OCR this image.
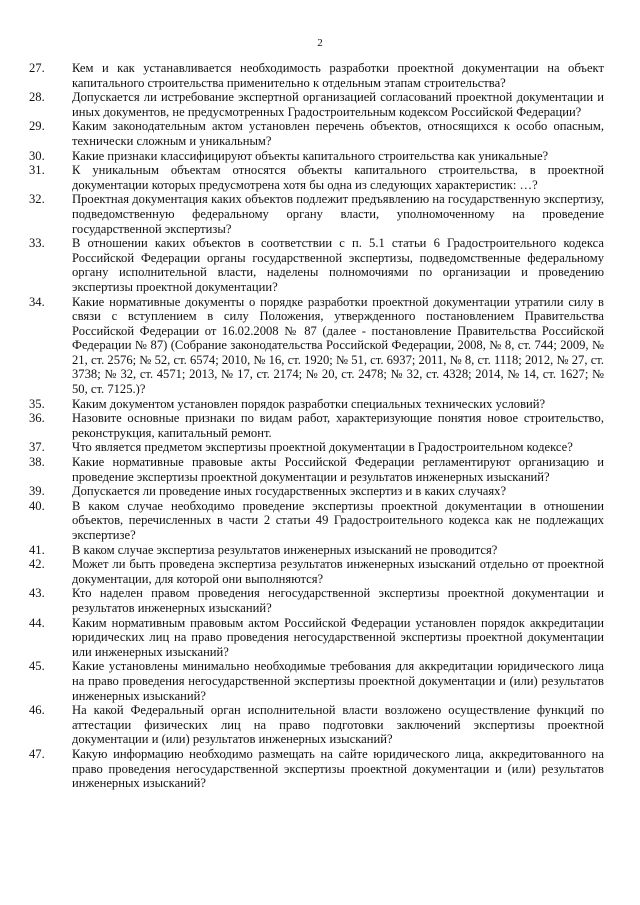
2
27.	Кем и как устанавливается необходимость разработки проектной документации на объект капитального строительства применительно к отдельным этапам строительства?
28.	Допускается ли истребование экспертной организацией согласований проектной документации и иных документов, не предусмотренных Градостроительным кодексом Российской Федерации?
29.	Каким законодательным актом установлен перечень объектов, относящихся к особо опасным, технически сложным и уникальным?
30.	Какие признаки классифицируют объекты капитального строительства как уникальные?
31.	К уникальным объектам относятся объекты капитального строительства, в проектной документации которых предусмотрена хотя бы одна из следующих характеристик: …?
32.	Проектная документация каких объектов подлежит предъявлению на государственную экспертизу, подведомственную федеральному органу власти, уполномоченному на проведение государственной экспертизы?
33.	В отношении каких объектов в соответствии с п. 5.1 статьи 6 Градостроительного кодекса Российской Федерации органы государственной экспертизы, подведомственные федеральному органу исполнительной власти, наделены полномочиями по организации и проведению экспертизы проектной документации?
34.	Какие нормативные документы о порядке разработки проектной документации утратили силу в связи с вступлением в силу Положения, утвержденного постановлением Правительства Российской Федерации от 16.02.2008 № 87 (далее - постановление Правительства Российской Федерации № 87) (Собрание законодательства Российской Федерации, 2008, № 8, ст. 744; 2009, № 21, ст. 2576; № 52, ст. 6574; 2010, № 16, ст. 1920; № 51, ст. 6937; 2011, № 8, ст. 1118; 2012, № 27, ст. 3738; № 32, ст. 4571; 2013, № 17, ст. 2174; № 20, ст. 2478; № 32, ст. 4328; 2014, № 14, ст. 1627; № 50, ст. 7125.)?
35.	Каким документом установлен порядок разработки специальных технических условий?
36.	Назовите основные признаки по видам работ, характеризующие понятия новое строительство, реконструкция, капитальный ремонт.
37.	Что является предметом экспертизы проектной документации в Градостроительном кодексе?
38.	Какие нормативные правовые акты Российской Федерации регламентируют организацию и проведение экспертизы проектной документации и результатов инженерных изысканий?
39.	Допускается ли проведение иных государственных экспертиз и в каких случаях?
40.	В каком случае необходимо проведение экспертизы проектной документации в отношении объектов, перечисленных в части 2 статьи 49 Градостроительного кодекса как не подлежащих экспертизе?
41.	В каком случае экспертиза результатов инженерных изысканий не проводится?
42.	Может ли быть проведена экспертиза результатов инженерных изысканий отдельно от проектной документации, для которой они выполняются?
43.	Кто наделен правом проведения негосударственной экспертизы проектной документации и результатов инженерных изысканий?
44.	Каким нормативным правовым актом Российской Федерации установлен порядок аккредитации юридических лиц на право проведения негосударственной экспертизы проектной документации или инженерных изысканий?
45.	Какие установлены минимально необходимые требования для аккредитации юридического лица на право проведения негосударственной экспертизы проектной документации и (или) результатов инженерных изысканий?
46.	На какой Федеральный орган исполнительной власти возложено осуществление функций по аттестации физических лиц на право подготовки заключений экспертизы проектной документации и (или) результатов инженерных изысканий?
47.	Какую информацию необходимо размещать на сайте юридического лица, аккредитованного на право проведения негосударственной экспертизы проектной документации и (или) результатов инженерных изысканий?
